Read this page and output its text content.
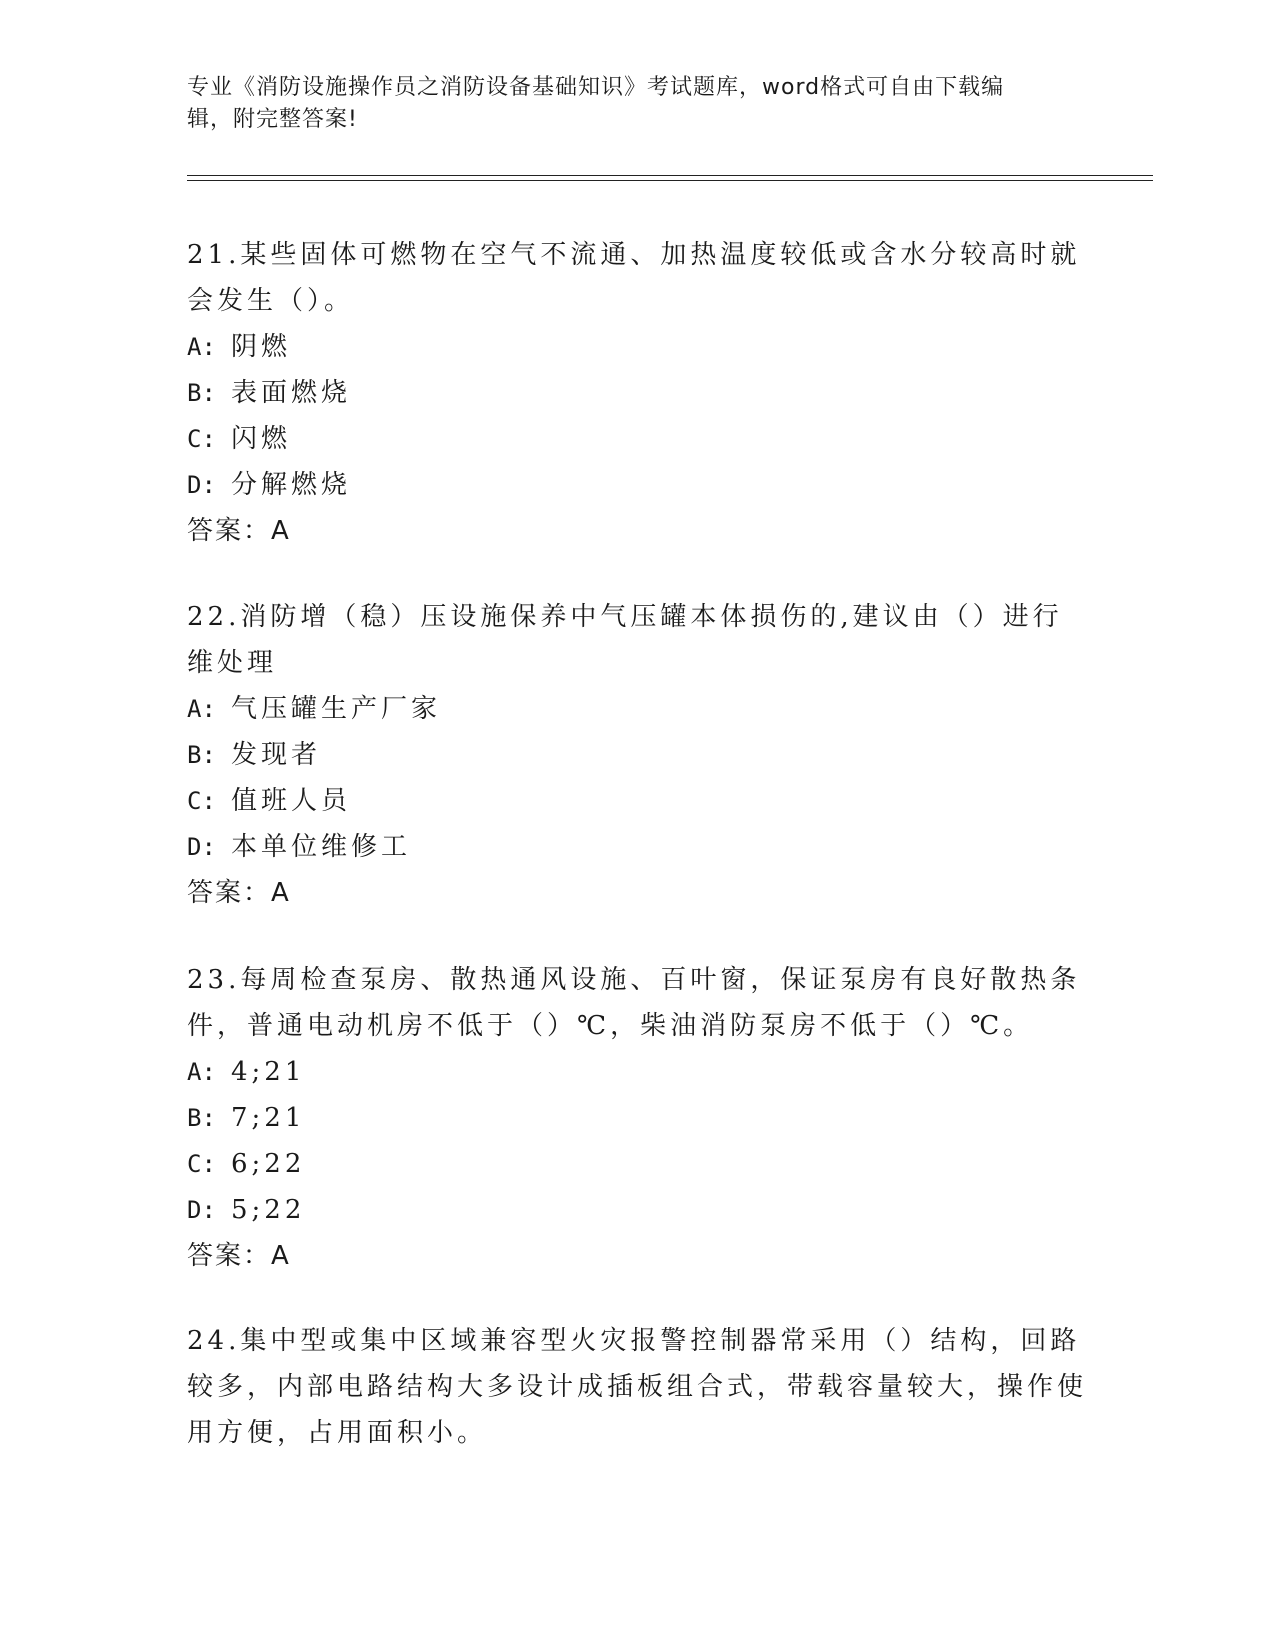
专业《消防设施操作员之消防设备基础知识》考试题库，word格式可自由下载编
辑，附完整答案!
21.某些固体可燃物在空气不流通、加热温度较低或含水分较高时就会发生（）。
A: 阴燃
B: 表面燃烧
C: 闪燃
D: 分解燃烧
答案：A
22.消防增（稳）压设施保养中气压罐本体损伤的,建议由（）进行维处理
A: 气压罐生产厂家
B: 发现者
C: 值班人员
D: 本单位维修工
答案：A
23.每周检查泵房、散热通风设施、百叶窗，保证泵房有良好散热条件，普通电动机房不低于（）℃，柴油消防泵房不低于（）℃。
A: 4;21
B: 7;21
C: 6;22
D: 5;22
答案：A
24.集中型或集中区域兼容型火灾报警控制器常采用（）结构，回路较多，内部电路结构大多设计成插板组合式，带载容量较大，操作使用方便，占用面积小。
